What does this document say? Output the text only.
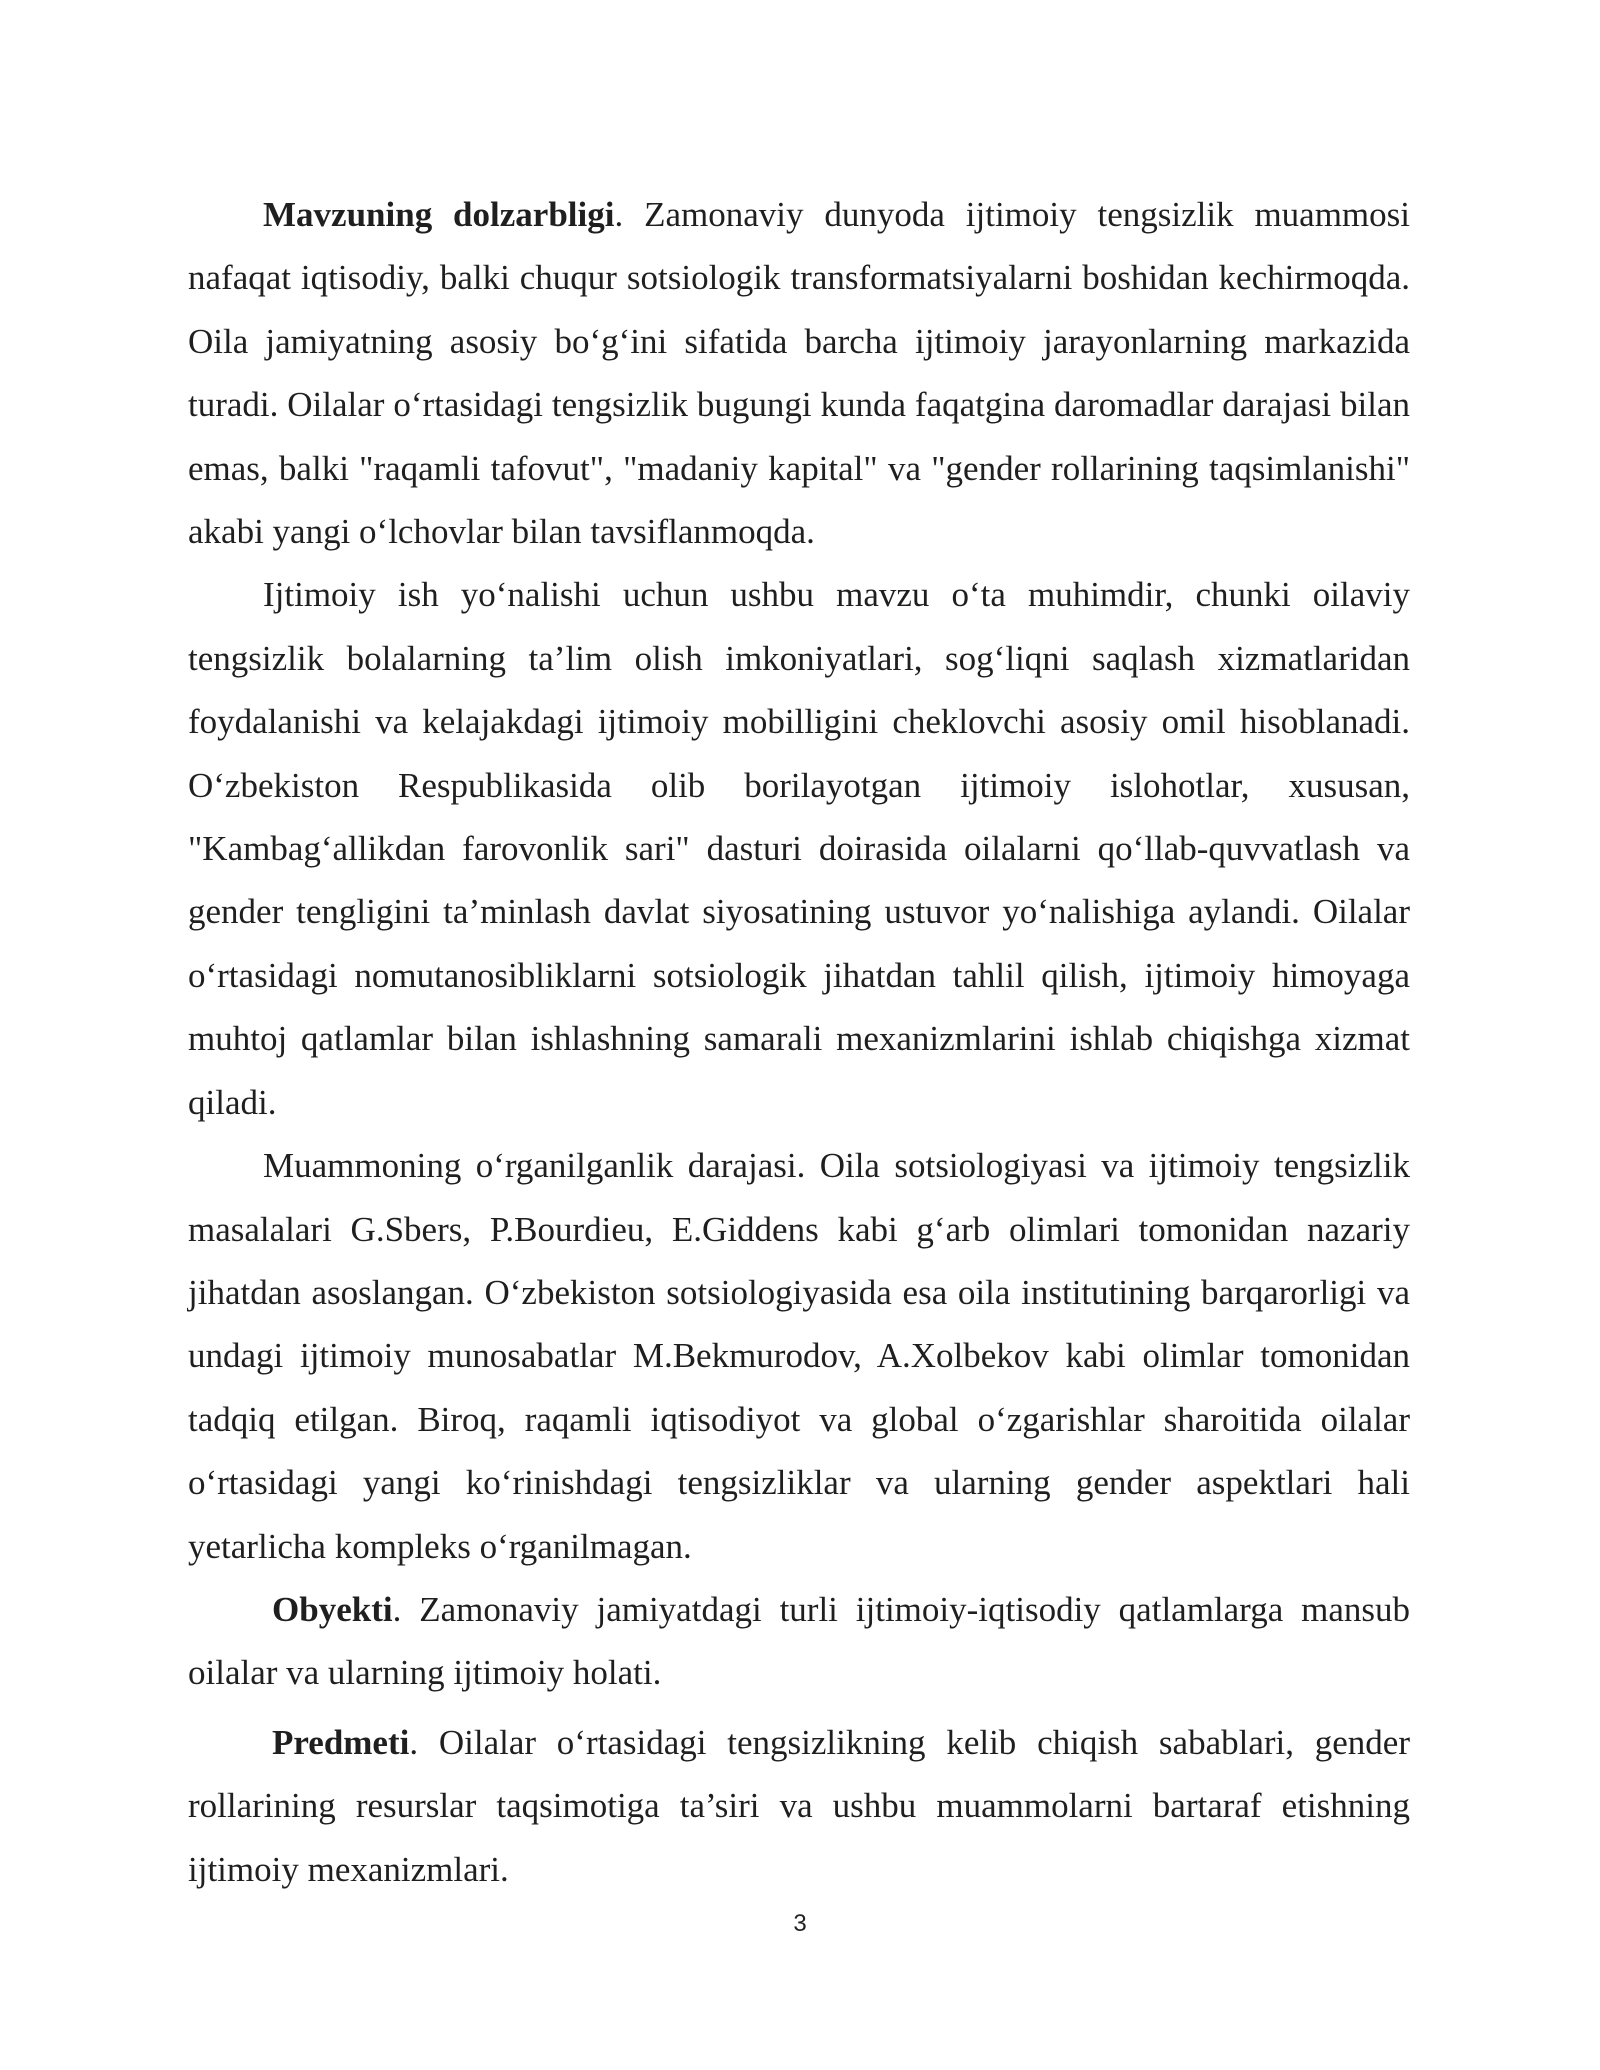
Mavzuning dolzarbligi. Zamonaviy dunyoda ijtimoiy tengsizlik muammosi nafaqat iqtisodiy, balki chuqur sotsiologik transformatsiyalarni boshidan kechirmoqda. Oila jamiyatning asosiy bo‘g‘ini sifatida barcha ijtimoiy jarayonlarning markazida turadi. Oilalar o‘rtasidagi tengsizlik bugungi kunda faqatgina daromadlar darajasi bilan emas, balki "raqamli tafovut", "madaniy kapital" va "gender rollarining taqsimlanishi" akabi yangi o‘lchovlar bilan tavsiflanmoqda.

Ijtimoiy ish yo‘nalishi uchun ushbu mavzu o‘ta muhimdir, chunki oilaviy tengsizlik bolalarning ta’lim olish imkoniyatlari, sog‘liqni saqlash xizmatlaridan foydalanishi va kelajakdagi ijtimoiy mobilligini cheklovchi asosiy omil hisoblanadi. O‘zbekiston Respublikasida olib borilayotgan ijtimoiy islohotlar, xususan, "Kambag‘allikdan farovonlik sari" dasturi doirasida oilalarni qo‘llab-quvvatlash va gender tengligini ta’minlash davlat siyosatining ustuvor yo‘nalishiga aylandi. Oilalar o‘rtasidagi nomutanosibliklarni sotsiologik jihatdan tahlil qilish, ijtimoiy himoyaga muhtoj qatlamlar bilan ishlashning samarali mexanizmlarini ishlab chiqishga xizmat qiladi.

Muammoning o‘rganilganlik darajasi. Oila sotsiologiyasi va ijtimoiy tengsizlik masalalari G.Sbers, P.Bourdieu, E.Giddens kabi g‘arb olimlari tomonidan nazariy jihatdan asoslangan. O‘zbekiston sotsiologiyasida esa oila institutining barqarorligi va undagi ijtimoiy munosabatlar M.Bekmurodov, A.Xolbekov kabi olimlar tomonidan tadqiq etilgan. Biroq, raqamli iqtisodiyot va global o‘zgarishlar sharoitida oilalar o‘rtasidagi yangi ko‘rinishdagi tengsizliklar va ularning gender aspektlari hali yetarlicha kompleks o‘rganilmagan.

Obyekti. Zamonaviy jamiyatdagi turli ijtimoiy-iqtisodiy qatlamlarga mansub oilalar va ularning ijtimoiy holati.

Predmeti. Oilalar o‘rtasidagi tengsizlikning kelib chiqish sabablari, gender rollarining resurslar taqsimotiga ta’siri va ushbu muammolarni bartaraf etishning ijtimoiy mexanizmlari.

3
